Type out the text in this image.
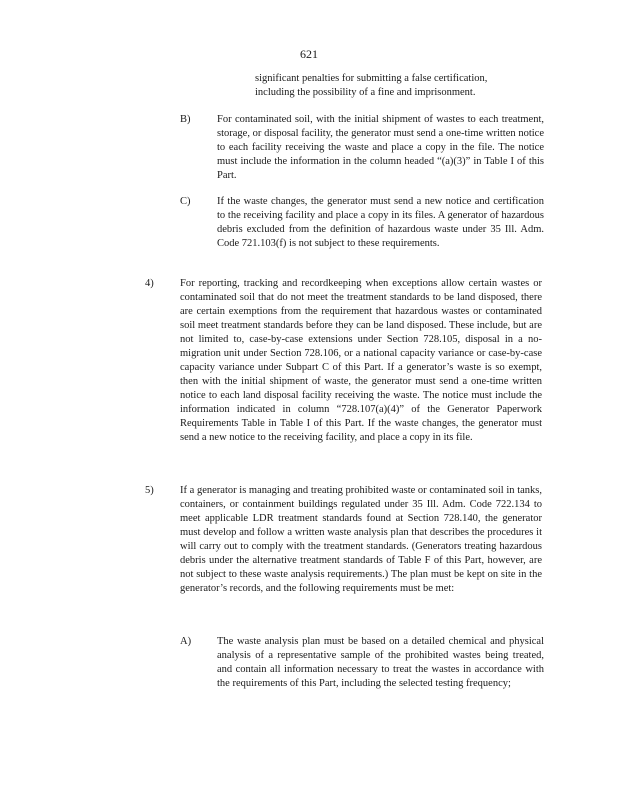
621
significant penalties for submitting a false certification, including the possibility of a fine and imprisonment.
B)	For contaminated soil, with the initial shipment of wastes to each treatment, storage, or disposal facility, the generator must send a one-time written notice to each facility receiving the waste and place a copy in the file. The notice must include the information in the column headed “(a)(3)” in Table I of this Part.
C)	If the waste changes, the generator must send a new notice and certification to the receiving facility and place a copy in its files. A generator of hazardous debris excluded from the definition of hazardous waste under 35 Ill. Adm. Code 721.103(f) is not subject to these requirements.
4)	For reporting, tracking and recordkeeping when exceptions allow certain wastes or contaminated soil that do not meet the treatment standards to be land disposed, there are certain exemptions from the requirement that hazardous wastes or contaminated soil meet treatment standards before they can be land disposed. These include, but are not limited to, case-by-case extensions under Section 728.105, disposal in a no-migration unit under Section 728.106, or a national capacity variance or case-by-case capacity variance under Subpart C of this Part. If a generator’s waste is so exempt, then with the initial shipment of waste, the generator must send a one-time written notice to each land disposal facility receiving the waste. The notice must include the information indicated in column “728.107(a)(4)” of the Generator Paperwork Requirements Table in Table I of this Part. If the waste changes, the generator must send a new notice to the receiving facility, and place a copy in its file.
5)	If a generator is managing and treating prohibited waste or contaminated soil in tanks, containers, or containment buildings regulated under 35 Ill. Adm. Code 722.134 to meet applicable LDR treatment standards found at Section 728.140, the generator must develop and follow a written waste analysis plan that describes the procedures it will carry out to comply with the treatment standards. (Generators treating hazardous debris under the alternative treatment standards of Table F of this Part, however, are not subject to these waste analysis requirements.) The plan must be kept on site in the generator’s records, and the following requirements must be met:
A) The waste analysis plan must be based on a detailed chemical and physical analysis of a representative sample of the prohibited wastes being treated, and contain all information necessary to treat the wastes in accordance with the requirements of this Part, including the selected testing frequency;
